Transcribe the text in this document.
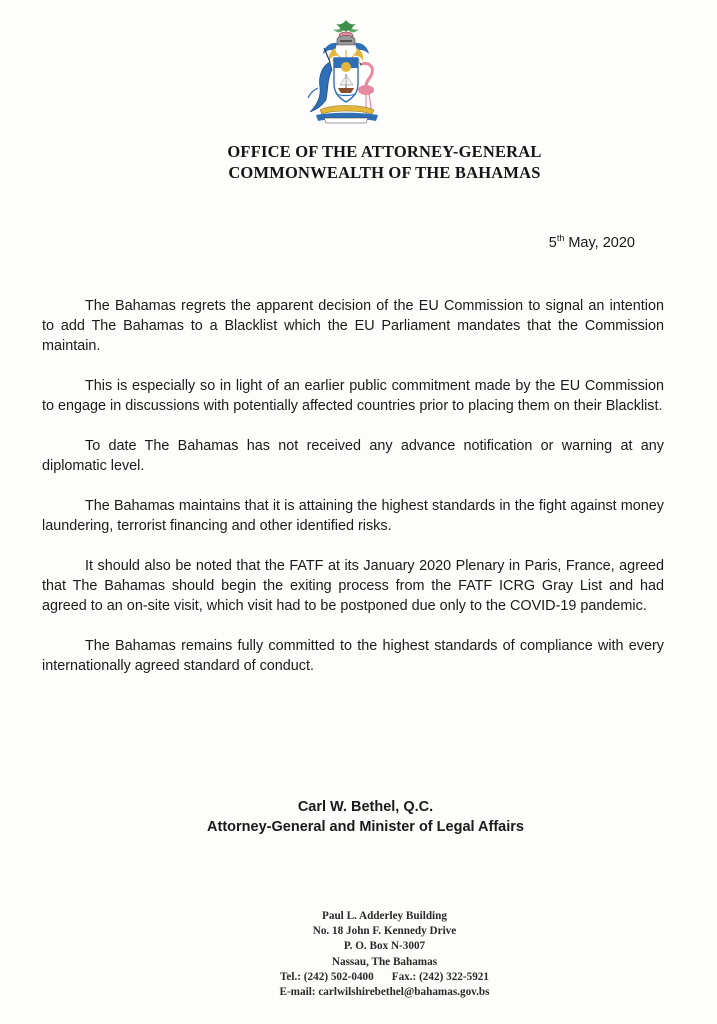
OFFICE OF THE ATTORNEY-GENERAL
COMMONWEALTH OF THE BAHAMAS
5th May, 2020

The Bahamas regrets the apparent decision of the EU Commission to signal an intention to add The Bahamas to a Blacklist which the EU Parliament mandates that the Commission maintain.

This is especially so in light of an earlier public commitment made by the EU Commission to engage in discussions with potentially affected countries prior to placing them on their Blacklist.

To date The Bahamas has not received any advance notification or warning at any diplomatic level.

The Bahamas maintains that it is attaining the highest standards in the fight against money laundering, terrorist financing and other identified risks.

It should also be noted that the FATF at its January 2020 Plenary in Paris, France, agreed that The Bahamas should begin the exiting process from the FATF ICRG Gray List and had agreed to an on-site visit, which visit had to be postponed due only to the COVID-19 pandemic.

The Bahamas remains fully committed to the highest standards of compliance with every internationally agreed standard of conduct.

Carl W. Bethel, Q.C.
Attorney-General and Minister of Legal Affairs
Paul L. Adderley Building
No. 18 John F. Kennedy Drive
P. O. Box N-3007
Nassau, The Bahamas
Tel.: (242) 502-0400 Fax.: (242) 322-5921
E-mail: carlwilshirebethel@bahamas.gov.bs
